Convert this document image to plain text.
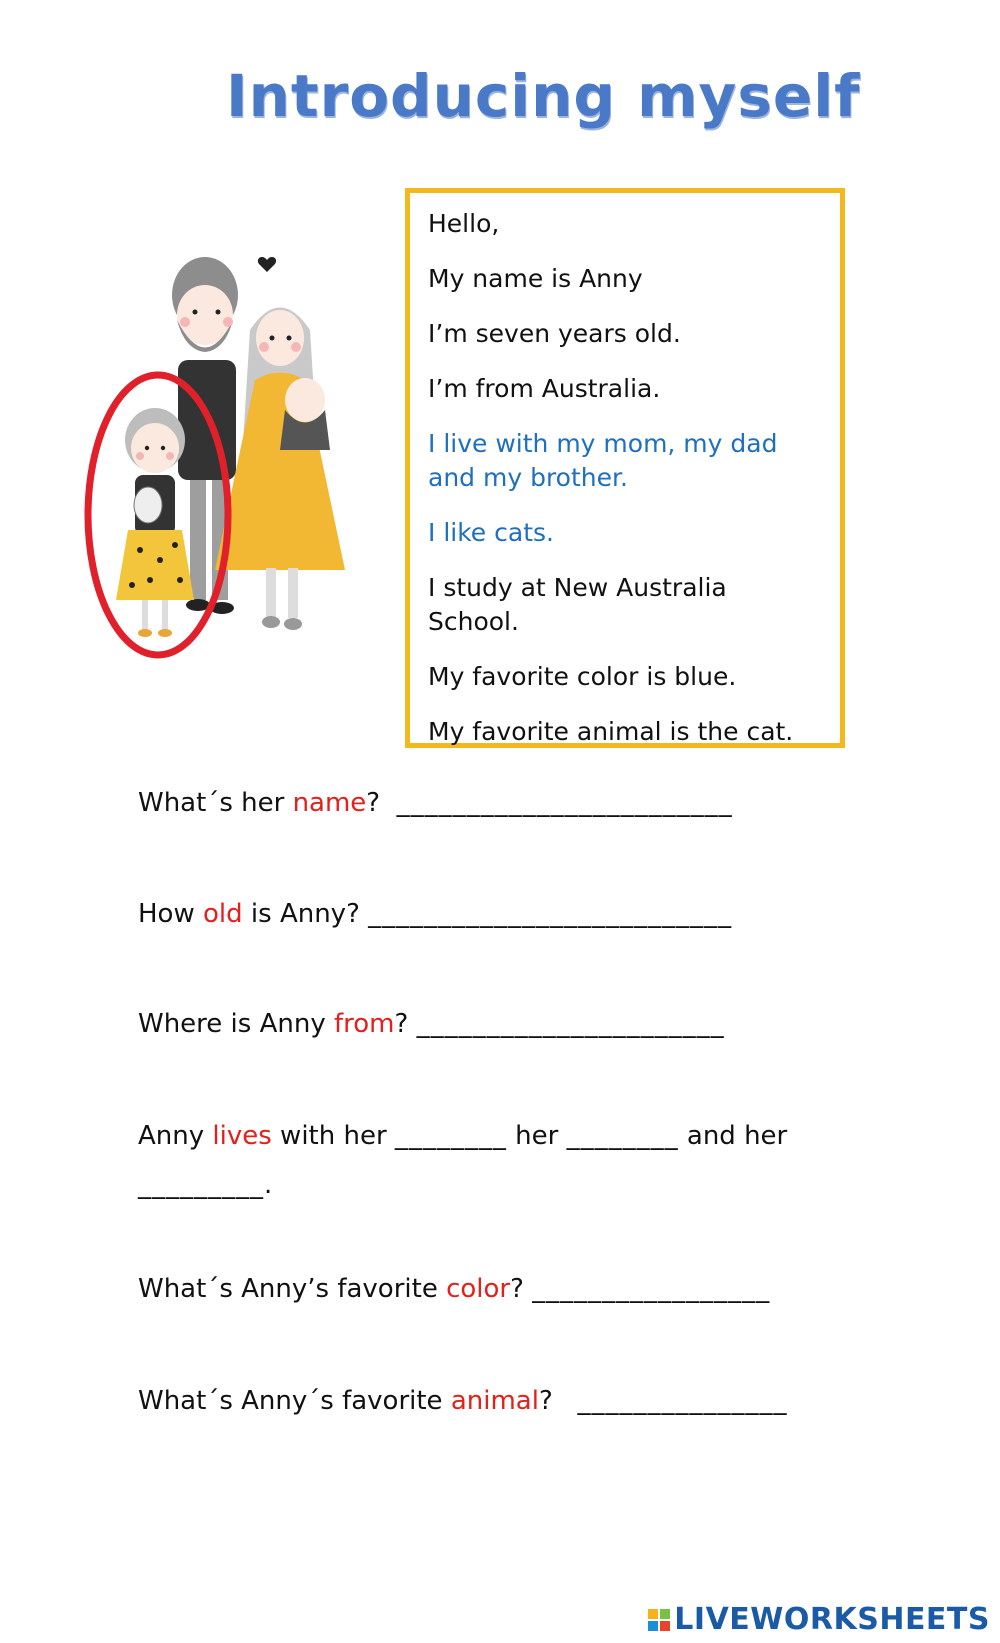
Introducing myself

Hello,

My name is Anny

I’m seven years old.

I’m from Australia.

I live with my mom, my dad and my brother.

I like cats.

I study at New Australia School.

My favorite color is blue.

My favorite animal is the cat.

What´s her name? ________________________

How old is Anny? __________________________

Where is Anny from? ______________________

Anny lives with her ________ her ________ and her

_________.

What´s Anny’s favorite color? _________________

What´s Anny´s favorite animal? _______________

LIVEWORKSHEETS
